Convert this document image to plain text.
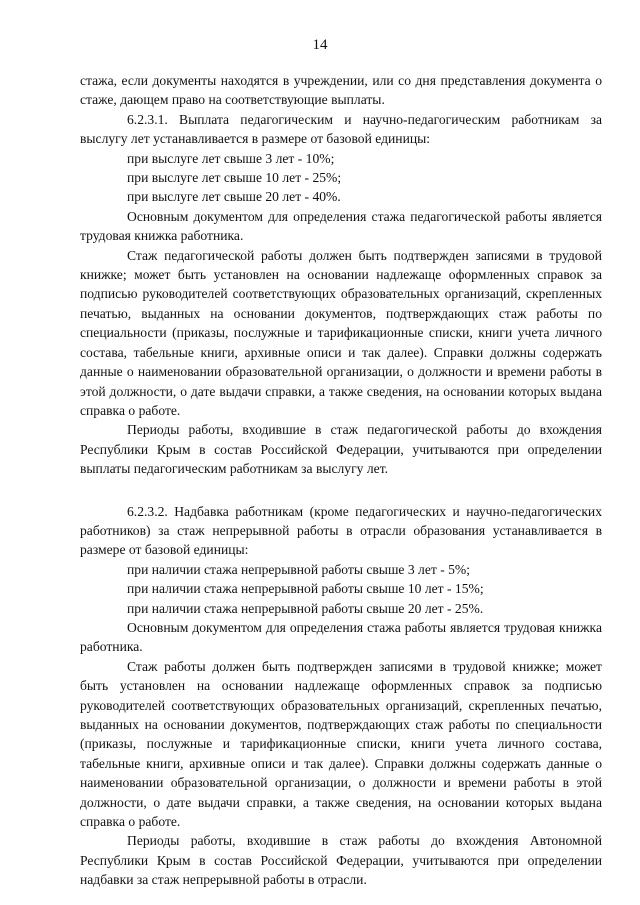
14

стажа, если документы находятся в учреждении, или со дня представления документа о стаже, дающем право на соответствующие выплаты.

6.2.3.1. Выплата педагогическим и научно-педагогическим работникам за выслугу лет устанавливается в размере от базовой единицы:

при выслуге лет свыше 3 лет - 10%;

при выслуге лет свыше 10 лет - 25%;

при выслуге лет свыше 20 лет - 40%.

Основным документом для определения стажа педагогической работы является трудовая книжка работника.

Стаж педагогической работы должен быть подтвержден записями в трудовой книжке; может быть установлен на основании надлежаще оформленных справок за подписью руководителей соответствующих образовательных организаций, скрепленных печатью, выданных на основании документов, подтверждающих стаж работы по специальности (приказы, послужные и тарификационные списки, книги учета личного состава, табельные книги, архивные описи и так далее). Справки должны содержать данные о наименовании образовательной организации, о должности и времени работы в этой должности, о дате выдачи справки, а также сведения, на основании которых выдана справка о работе.

Периоды работы, входившие в стаж педагогической работы до вхождения Республики Крым в состав Российской Федерации, учитываются при определении выплаты педагогическим работникам за выслугу лет.

6.2.3.2. Надбавка работникам (кроме педагогических и научно-педагогических работников) за стаж непрерывной работы в отрасли образования устанавливается в размере от базовой единицы:

при наличии стажа непрерывной работы свыше 3 лет - 5%;

при наличии стажа непрерывной работы свыше 10 лет - 15%;

при наличии стажа непрерывной работы свыше 20 лет - 25%.

Основным документом для определения стажа работы является трудовая книжка работника.

Стаж работы должен быть подтвержден записями в трудовой книжке; может быть установлен на основании надлежаще оформленных справок за подписью руководителей соответствующих образовательных организаций, скрепленных печатью, выданных на основании документов, подтверждающих стаж работы по специальности (приказы, послужные и тарификационные списки, книги учета личного состава, табельные книги, архивные описи и так далее). Справки должны содержать данные о наименовании образовательной организации, о должности и времени работы в этой должности, о дате выдачи справки, а также сведения, на основании которых выдана справка о работе.

Периоды работы, входившие в стаж работы до вхождения Автономной Республики Крым в состав Российской Федерации, учитываются при определении надбавки за стаж непрерывной работы в отрасли.
